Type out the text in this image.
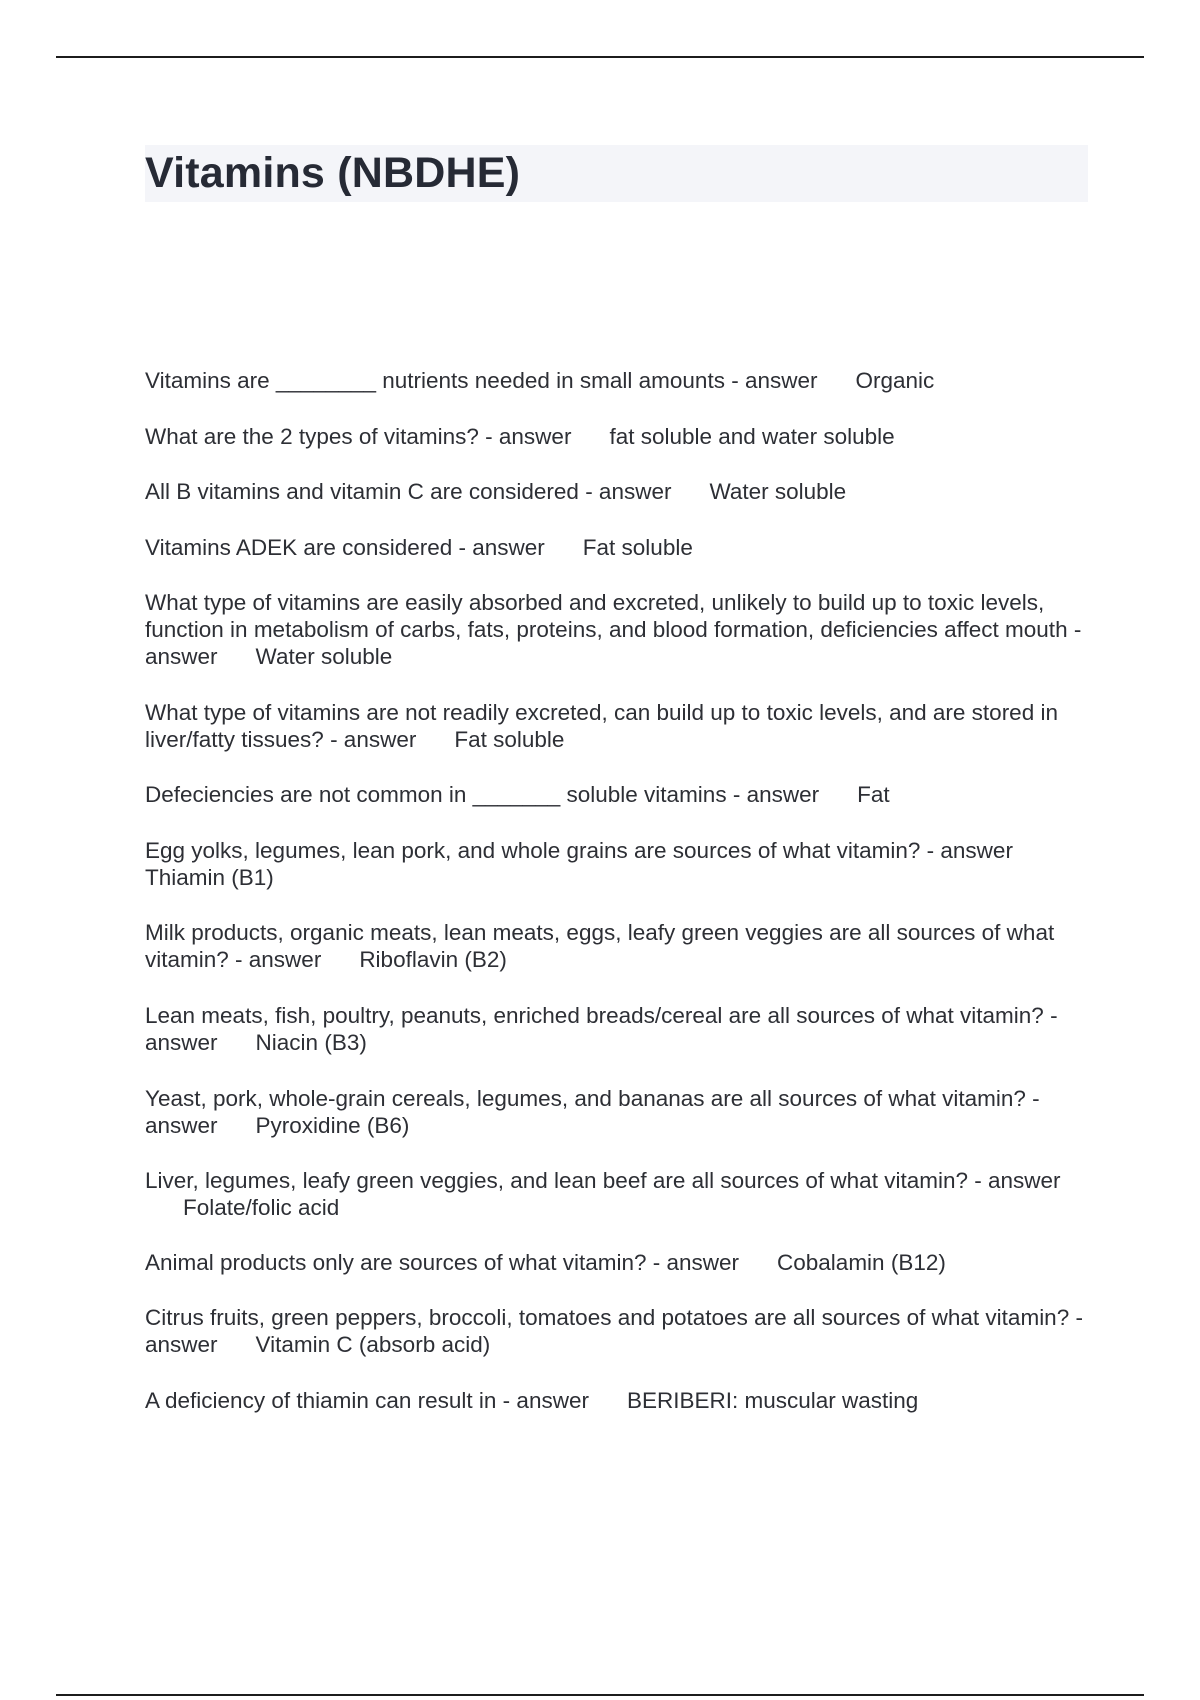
Vitamins (NBDHE)
Vitamins are ________ nutrients needed in small amounts - answer Organic
What are the 2 types of vitamins? - answer fat soluble and water soluble
All B vitamins and vitamin C are considered - answer Water soluble
Vitamins ADEK are considered - answer Fat soluble
What type of vitamins are easily absorbed and excreted, unlikely to build up to toxic levels, function in metabolism of carbs, fats, proteins, and blood formation, deficiencies affect mouth - answer Water soluble
What type of vitamins are not readily excreted, can build up to toxic levels, and are stored in liver/fatty tissues? - answer Fat soluble
Defeciencies are not common in _______ soluble vitamins - answer Fat
Egg yolks, legumes, lean pork, and whole grains are sources of what vitamin? - answer Thiamin (B1)
Milk products, organic meats, lean meats, eggs, leafy green veggies are all sources of what vitamin? - answer Riboflavin (B2)
Lean meats, fish, poultry, peanuts, enriched breads/cereal are all sources of what vitamin? - answer Niacin (B3)
Yeast, pork, whole-grain cereals, legumes, and bananas are all sources of what vitamin? - answer Pyroxidine (B6)
Liver, legumes, leafy green veggies, and lean beef are all sources of what vitamin? - answerFolate/folic acid
Animal products only are sources of what vitamin? - answer Cobalamin (B12)
Citrus fruits, green peppers, broccoli, tomatoes and potatoes are all sources of what vitamin? - answer Vitamin C (absorb acid)
A deficiency of thiamin can result in - answer BERIBERI: muscular wasting
